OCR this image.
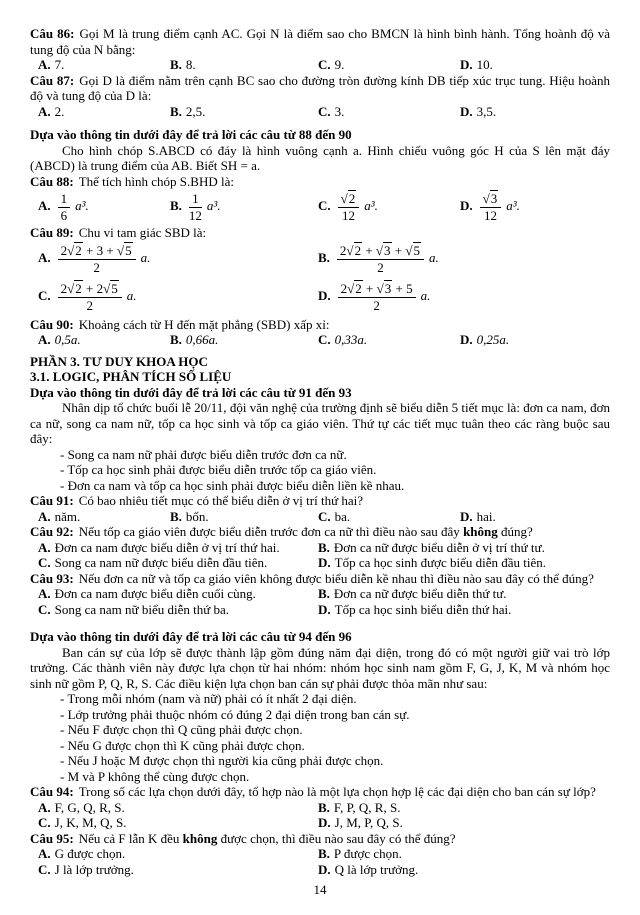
Câu 86: Gọi M là trung điểm cạnh AC. Gọi N là điểm sao cho BMCN là hình bình hành. Tổng hoành độ và tung độ của N bằng:
A. 7.	B. 8.	C. 9.	D. 10.
Câu 87: Gọi D là điểm nằm trên cạnh BC sao cho đường tròn đường kính DB tiếp xúc trục tung. Hiệu hoành độ và tung độ của D là:
A. 2.	B. 2,5.	C. 3.	D. 3,5.
Dựa vào thông tin dưới đây để trả lời các câu từ 88 đến 90
Cho hình chóp S.ABCD có đáy là hình vuông cạnh a. Hình chiếu vuông góc H của S lên mặt đáy (ABCD) là trung điểm của AB. Biết SH = a.
Câu 88: Thể tích hình chóp S.BHD là:
A. $\frac{1}{6} a^3$.	B. $\frac{1}{12} a^3$.	C. $\frac{√2}{12} a^3$.	D. $\frac{√3}{12} a^3$.
Câu 89: Chu vi tam giác SBD là:
A. $\frac{2√2 + 3 + √5}{2} a$.	B. $\frac{2√2 + √3 + √5}{2} a$.
C. $\frac{2√2 + 2√5}{2} a$.	D. $\frac{2√2 + √3 + 5}{2} a$.
Câu 90: Khoảng cách từ H đến mặt phẳng (SBD) xấp xỉ:
A. 0,5a.	B. 0,66a.	C. 0,33a.	D. 0,25a.
PHẦN 3. TƯ DUY KHOA HỌC
3.1. LOGIC, PHÂN TÍCH SỐ LIỆU
Dựa vào thông tin dưới đây để trả lời các câu từ 91 đến 93
Nhân dịp tổ chức buổi lễ 20/11, đội văn nghệ của trường định sẽ biểu diễn 5 tiết mục là: đơn ca nam, đơn ca nữ, song ca nam nữ, tốp ca học sinh và tốp ca giáo viên. Thứ tự các tiết mục tuân theo các ràng buộc sau đây:
- Song ca nam nữ phải được biểu diễn trước đơn ca nữ.
- Tốp ca học sinh phải được biểu diễn trước tốp ca giáo viên.
- Đơn ca nam và tốp ca học sinh phải được biểu diễn liền kề nhau.
Câu 91: Có bao nhiêu tiết mục có thể biểu diễn ở vị trí thứ hai?
A. năm.	B. bốn.	C. ba.	D. hai.
Câu 92: Nếu tốp ca giáo viên được biểu diễn trước đơn ca nữ thì điều nào sau đây không đúng?
A. Đơn ca nam được biểu diễn ở vị trí thứ hai.	B. Đơn ca nữ được biểu diễn ở vị trí thứ tư.
C. Song ca nam nữ được biểu diễn đầu tiên.	D. Tốp ca học sinh được biểu diễn đầu tiên.
Câu 93: Nếu đơn ca nữ và tốp ca giáo viên không được biểu diễn kề nhau thì điều nào sau đây có thể đúng?
A. Đơn ca nam được biểu diễn cuối cùng.	B. Đơn ca nữ được biểu diễn thứ tư.
C. Song ca nam nữ biểu diễn thứ ba.	D. Tốp ca học sinh biểu diễn thứ hai.
Dựa vào thông tin dưới đây để trả lời các câu từ 94 đến 96
Ban cán sự của lớp sẽ được thành lập gồm đúng năm đại diện, trong đó có một người giữ vai trò lớp trưởng. Các thành viên này được lựa chọn từ hai nhóm: nhóm học sinh nam gồm F, G, J, K, M và nhóm học sinh nữ gồm P, Q, R, S. Các điều kiện lựa chọn ban cán sự phải được thỏa mãn như sau:
- Trong mỗi nhóm (nam và nữ) phải có ít nhất 2 đại diện.
- Lớp trưởng phải thuộc nhóm có đúng 2 đại diện trong ban cán sự.
- Nếu F được chọn thì Q cũng phải được chọn.
- Nếu G được chọn thì K cũng phải được chọn.
- Nếu J hoặc M được chọn thì người kia cũng phải được chọn.
- M và P không thể cùng được chọn.
Câu 94: Trong số các lựa chọn dưới đây, tổ hợp nào là một lựa chọn hợp lệ các đại diện cho ban cán sự lớp?
A. F, G, Q, R, S.	B. F, P, Q, R, S.
C. J, K, M, Q, S.	D. J, M, P, Q, S.
Câu 95: Nếu cả F lẫn K đều không được chọn, thì điều nào sau đây có thể đúng?
A. G được chọn.	B. P được chọn.
C. J là lớp trưởng.	D. Q là lớp trưởng.
14
